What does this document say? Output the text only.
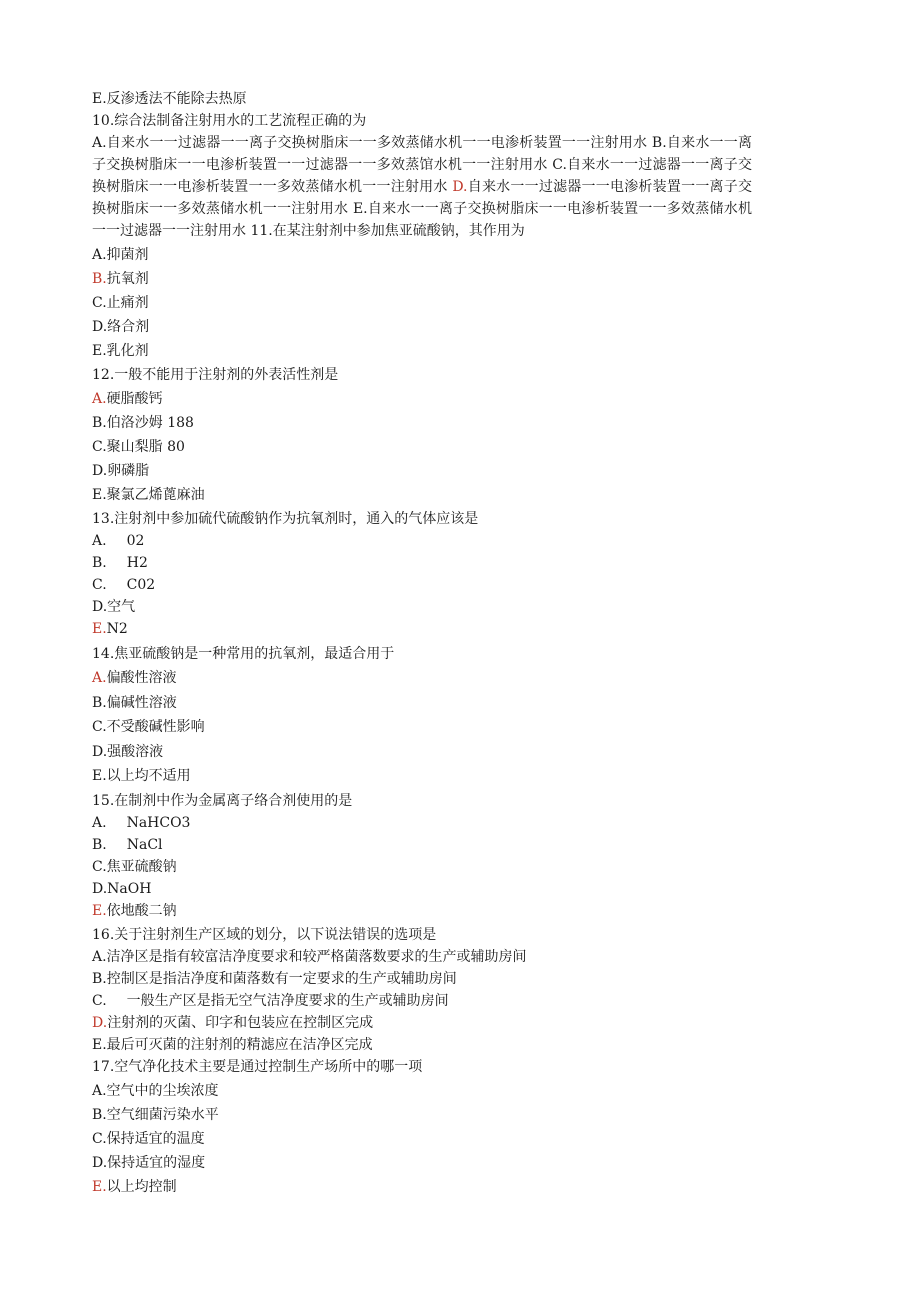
E.反渗透法不能除去热原
10.综合法制备注射用水的工艺流程正确的为
A.自来水一一过滤器一一离子交换树脂床一一多效蒸储水机一一电渗析装置一一注射用水 B.自来水一一离子交换树脂床一一电渗析装置一一过滤器一一多效蒸馆水机一一注射用水 C.自来水一一过滤器一一离子交换树脂床一一电渗析装置一一多效蒸储水机一一注射用水 D.自来水一一过滤器一一电渗析装置一一离子交换树脂床一一多效蒸储水机一一注射用水 E.自来水一一离子交换树脂床一一电渗析装置一一多效蒸储水机一一过滤器一一注射用水 11.在某注射剂中参加焦亚硫酸钠，其作用为
A.抑菌剂
B.抗氧剂
C.止痛剂
D.络合剂
E.乳化剂
12.一般不能用于注射剂的外表活性剂是
A.硬脂酸钙
B.伯洛沙姆 188
C.聚山梨脂 80
D.卵磷脂
E.聚氯乙烯蓖麻油
13.注射剂中参加硫代硫酸钠作为抗氧剂时，通入的气体应该是
A. 02
B. H2
C. C02
D.空气
E.N2
14.焦亚硫酸钠是一种常用的抗氧剂，最适合用于
A.偏酸性溶液
B.偏碱性溶液
C.不受酸碱性影响
D.强酸溶液
E.以上均不适用
15.在制剂中作为金属离子络合剂使用的是
A. NaHCO3
B. NaCl
C.焦亚硫酸钠
D.NaOH
E.依地酸二钠
16.关于注射剂生产区域的划分，以下说法错误的选项是
A.洁净区是指有较富洁净度要求和较严格菌落数要求的生产或辅助房间
B.控制区是指洁净度和菌落数有一定要求的生产或辅助房间
C. 一般生产区是指无空气洁净度要求的生产或辅助房间
D.注射剂的灭菌、印字和包装应在控制区完成
E.最后可灭菌的注射剂的精滤应在洁净区完成
17.空气净化技术主要是通过控制生产场所中的哪一项
A.空气中的尘埃浓度
B.空气细菌污染水平
C.保持适宜的温度
D.保持适宜的湿度
E.以上均控制
